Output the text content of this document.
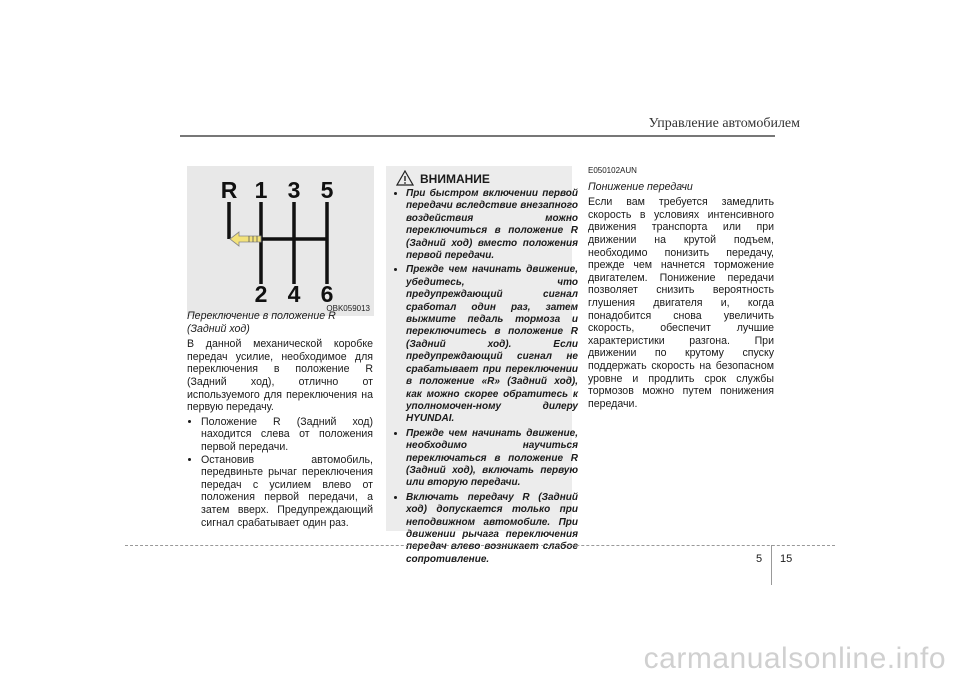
Управление автомобилем
R 1 3 5
2 4 6
OBK059013
Переключение в положение R
(Задний ход)

В данной механической коробке передач усилие, необходимое для переключения в положение R (Задний ход), отлично от используемого для переключения на первую передачу.

• Положение R (Задний ход) находится слева от положения первой передачи.
• Остановив автомобиль, передвиньте рычаг переключения передач с усилием влево от положения первой передачи, а затем вверх. Предупреждающий сигнал срабатывает один раз.
ВНИМАНИЕ
• При быстром включении первой передачи вследствие внезапного воздействия можно переключиться в положение R (Задний ход) вместо положения первой передачи.
• Прежде чем начинать движение, убедитесь, что предупреждающий сигнал сработал один раз, затем выжмите педаль тормоза и переключитесь в положение R (Задний ход). Если предупреждающий сигнал не срабатывает при переключении в положение «R» (Задний ход), как можно скорее обратитесь к уполномочен-ному дилеру HYUNDAI.
• Прежде чем начинать движение, необходимо научиться переключаться в положение R (Задний ход), включать первую или вторую передачи.
• Включать передачу R (Задний ход) допускается только при неподвижном автомобиле. При движении рычага переключения передач влево возникает слабое сопротивление.
E050102AUN
Понижение передачи

Если вам требуется замедлить скорость в условиях интенсивного движения транспорта или при движении на крутой подъем, необходимо понизить передачу, прежде чем начнется торможение двигателем. Понижение передачи позволяет снизить вероятность глушения двигателя и, когда понадобится снова увеличить скорость, обеспечит лучшие характеристики разгона. При движении по крутому спуску поддержать скорость на безопасном уровне и продлить срок службы тормозов можно путем понижения передачи.

5 15
carmanualsonline.info
